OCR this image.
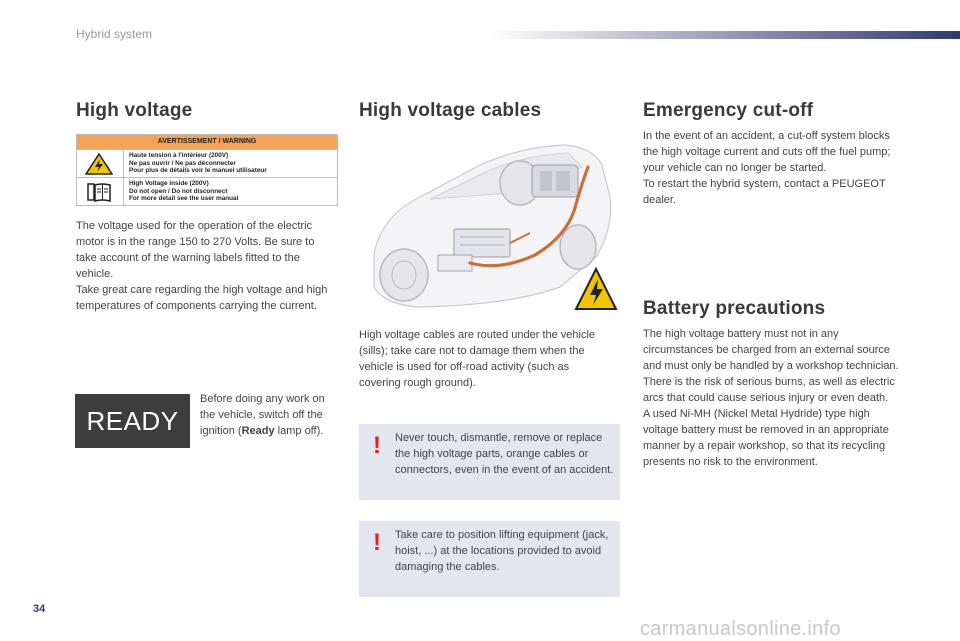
Hybrid system
High voltage
AVERTISSEMENT / WARNING
Haute tension à l'intérieur (200V)
Ne pas ouvrir / Ne pas déconnecter
Pour plus de détails voir le manuel utilisateur
High Voltage inside (200V)
Do not open / Do not disconnect
For more detail see the user manual

The voltage used for the operation of the electric motor is in the range 150 to 270 Volts. Be sure to take account of the warning labels fitted to the vehicle.

Take great care regarding the high voltage and high temperatures of components carrying the current.

READY
Before doing any work on the vehicle, switch off the ignition (Ready lamp off).
High voltage cables
High voltage cables are routed under the vehicle (sills); take care not to damage them when the vehicle is used for off-road activity (such as covering rough ground).
! Never touch, dismantle, remove or replace the high voltage parts, orange cables or connectors, even in the event of an accident.
! Take care to position lifting equipment (jack, hoist, ...) at the locations provided to avoid damaging the cables.
Emergency cut-off

In the event of an accident, a cut-off system blocks the high voltage current and cuts off the fuel pump; your vehicle can no longer be started.

To restart the hybrid system, contact a PEUGEOT dealer.

Battery precautions

The high voltage battery must not in any circumstances be charged from an external source and must only be handled by a workshop technician.

There is the risk of serious burns, as well as electric arcs that could cause serious injury or even death.

A used Ni-MH (Nickel Metal Hydride) type high voltage battery must be removed in an appropriate manner by a repair workshop, so that its recycling presents no risk to the environment.

34
carmanualsonline.info
